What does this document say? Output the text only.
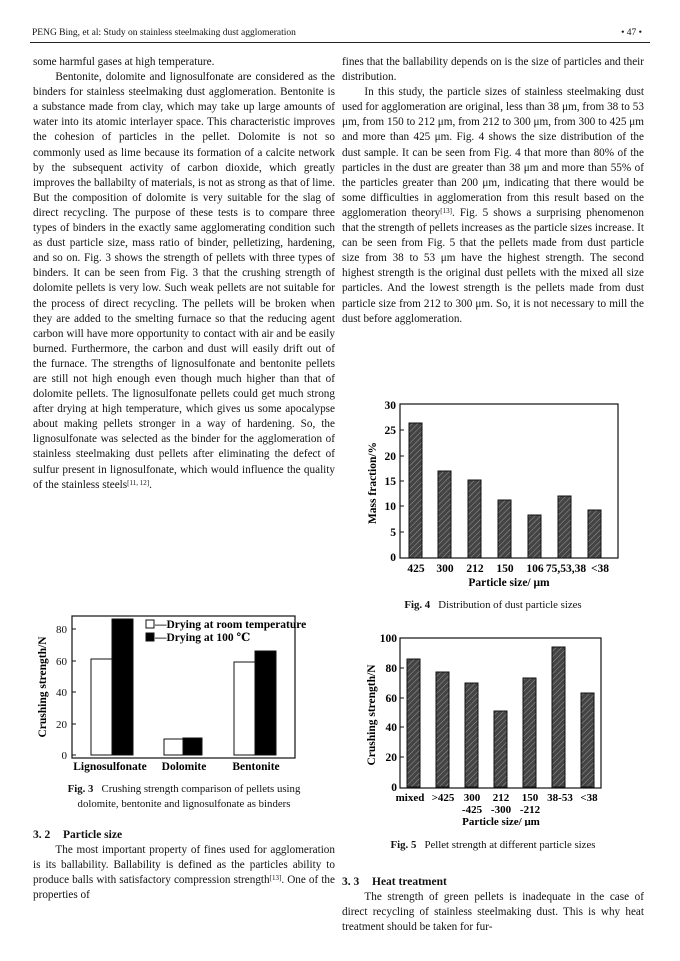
PENG Bing, et al: Study on stainless steelmaking dust agglomeration	• 47 •

some harmful gases at high temperature.

Bentonite, dolomite and lignosulfonate are considered as the binders for stainless steelmaking dust agglomeration. Bentonite is a substance made from clay, which may take up large amounts of water into its atomic interlayer space. This characteristic improves the cohesion of particles in the pellet. Dolomite is not so commonly used as lime because its formation of a calcite network by the subsequent activity of carbon dioxide, which greatly improves the ballabilty of materials, is not as strong as that of lime. But the composition of dolomite is very suitable for the slag of direct recycling. The purpose of these tests is to compare three types of binders in the exactly same agglomerating condition such as dust particle size, mass ratio of binder, pelletizing, hardening, and so on. Fig. 3 shows the strength of pellets with three types of binders. It can be seen from Fig. 3 that the crushing strength of dolomite pellets is very low. Such weak pellets are not suitable for the process of direct recycling. The pellets will be broken when they are added to the smelting furnace so that the reducing agent carbon will have more opportunity to contact with air and be easily burned. Furthermore, the carbon and dust will easily drift out of the furnace. The strengths of lignosulfonate and bentonite pellets are still not high enough even though much higher than that of dolomite pellets. The lignosulfonate pellets could get much strong after drying at high temperature, which gives us some apocalypse about making pellets stronger in a way of hardening. So, the lignosulfonate was selected as the binder for the agglomeration of stainless steelmaking dust pellets after eliminating the defect of sulfur present in lignosulfonate, which would influence the quality of the stainless steels[11, 12].

0
20
40
60
80
Crushing strength/N
—Drying at room temperature
—Drying at 100 ℃
Lignosulfonate Dolomite Bentonite

Fig. 3 Crushing strength comparison of pellets using dolomite, bentonite and lignosulfonate as binders

3. 2 Particle size

The most important property of fines used for agglomeration is its ballability. Ballability is defined as the particles ability to produce balls with satisfactory compression strength[13]. One of the properties of

fines that the ballability depends on is the size of particles and their distribution.

In this study, the particle sizes of stainless steelmaking dust used for agglomeration are original, less than 38 μm, from 38 to 53 μm, from 150 to 212 μm, from 212 to 300 μm, from 300 to 425 μm and more than 425 μm. Fig. 4 shows the size distribution of the dust sample. It can be seen from Fig. 4 that more than 80% of the particles in the dust are greater than 38 μm and more than 55% of the particles greater than 200 μm, indicating that there would be some difficulties in agglomeration from this result based on the agglomeration theory[13]. Fig. 5 shows a surprising phenomenon that the strength of pellets increases as the particle sizes increase. It can be seen from Fig. 5 that the pellets made from dust particle size from 38 to 53 μm have the highest strength. The second highest strength is the original dust pellets with the mixed all size particles. And the lowest strength is the pellets made from dust particle size from 212 to 300 μm. So, it is not necessary to mill the dust before agglomeration.

0
5
10
15
20
25
30
Mass fraction/%
425 300 212 150 106 75,53,38 <38
Particle size/ μm

Fig. 4 Distribution of dust particle sizes

0
20
40
60
80
100
Crushing strength/N
mixed >425 300 212 150 38-53 <38
-425 -300 -212
Particle size/ μm

Fig. 5 Pellet strength at different particle sizes

3. 3 Heat treatment

The strength of green pellets is inadequate in the case of direct recycling of stainless steelmaking dust. This is why heat treatment should be taken for fur-
